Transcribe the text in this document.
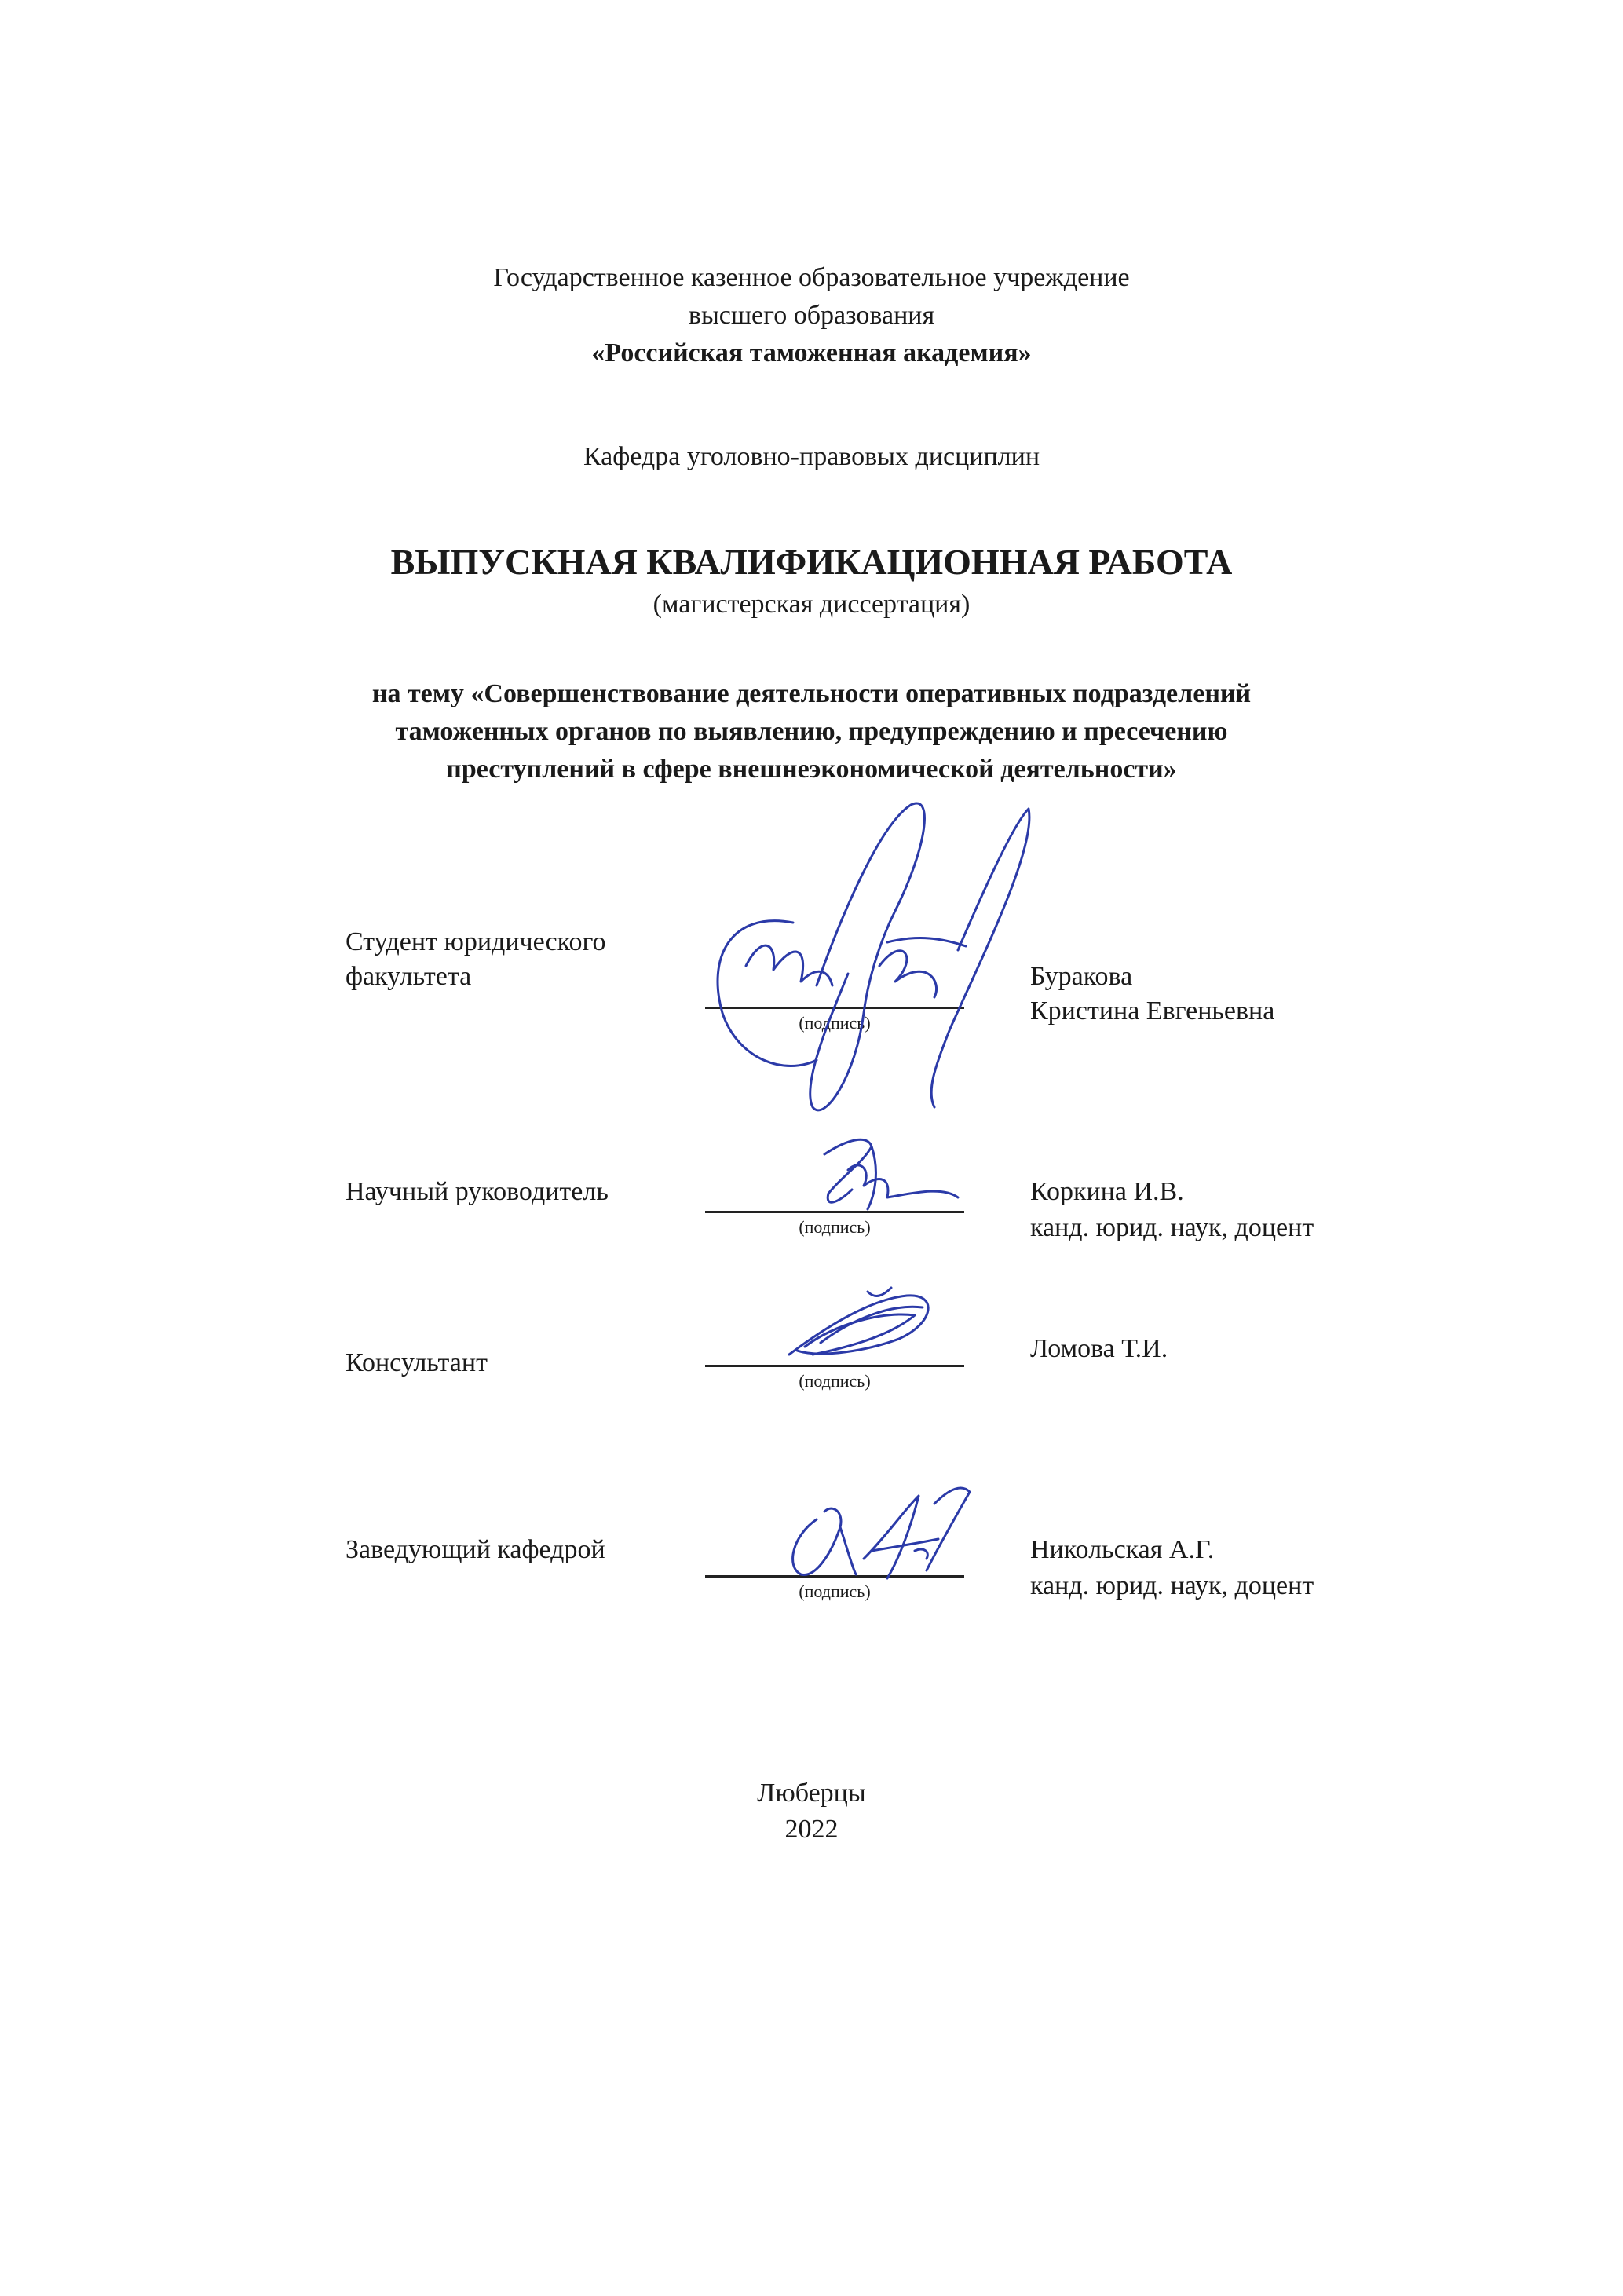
Государственное казенное образовательное учреждение
высшего образования
«Российская таможенная академия»
Кафедра уголовно-правовых дисциплин
ВЫПУСКНАЯ КВАЛИФИКАЦИОННАЯ РАБОТА
(магистерская диссертация)
на тему «Совершенствование деятельности оперативных подразделений
таможенных органов по выявлению, предупреждению и пресечению
преступлений в сфере внешнеэкономической деятельности»
Студент юридического
факультета
(подпись)
Буракова
Кристина Евгеньевна
Научный руководитель
(подпись)
Коркина И.В.
канд. юрид. наук, доцент
Консультант
(подпись)
Ломова Т.И.
Заведующий кафедрой
(подпись)
Никольская А.Г.
канд. юрид. наук, доцент
Люберцы
2022
